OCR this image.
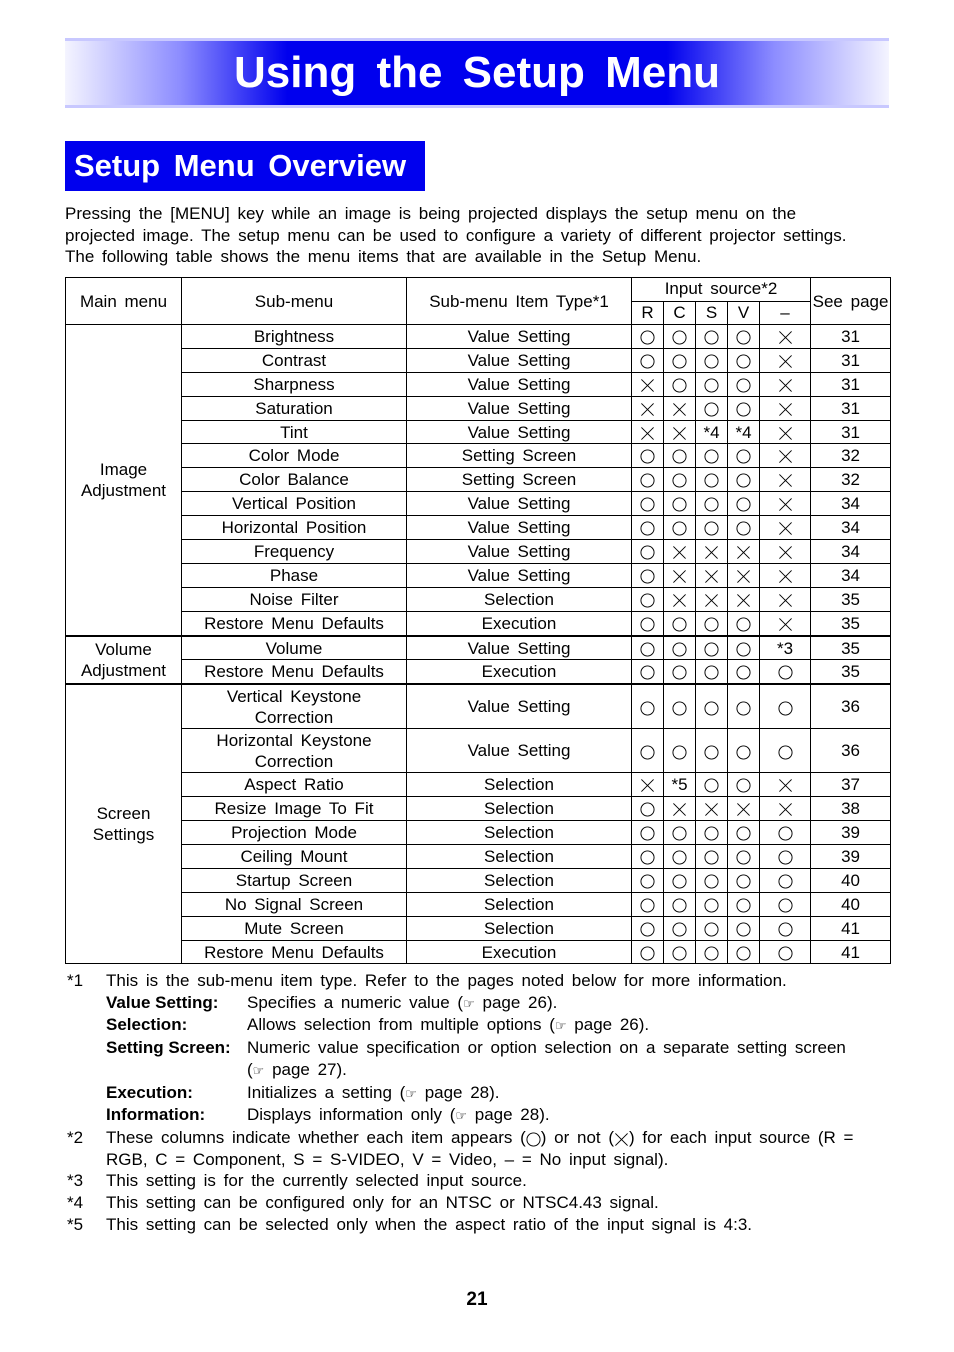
Using the Setup Menu
Setup Menu Overview

Pressing the [MENU] key while an image is being projected displays the setup menu on the projected image. The setup menu can be used to configure a variety of different projector settings. The following table shows the menu items that are available in the Setup Menu.

Main menu	Sub-menu	Sub-menu Item Type*1	Input source*2					See page
			R	C	S	V	–	
Image Adjustment	Brightness	Value Setting						31
	Contrast	Value Setting						31
	Sharpness	Value Setting						31
	Saturation	Value Setting						31
	Tint	Value Setting			*4	*4		31
	Color Mode	Setting Screen						32
	Color Balance	Setting Screen						32
	Vertical Position	Value Setting						34
	Horizontal Position	Value Setting						34
	Frequency	Value Setting						34
	Phase	Value Setting						34
	Noise Filter	Selection						35
	Restore Menu Defaults	Execution						35
Volume Adjustment	Volume	Value Setting					*3	35
	Restore Menu Defaults	Execution						35
Screen Settings	Vertical Keystone Correction	Value Setting						36
	Horizontal Keystone Correction	Value Setting						36
	Aspect Ratio	Selection		*5				37
	Resize Image To Fit	Selection						38
	Projection Mode	Selection						39
	Ceiling Mount	Selection						39
	Startup Screen	Selection						40
	No Signal Screen	Selection						40
	Mute Screen	Selection						41
	Restore Menu Defaults	Execution						41
*1	This is the sub-menu item type. Refer to the pages noted below for more information.
Value Setting:	Specifies a numeric value (☞ page 26).
Selection:	Allows selection from multiple options (☞ page 26).
Setting Screen: Numeric value specification or option selection on a separate setting screen (☞ page 27).
Execution:	Initializes a setting (☞ page 28).
Information:	Displays information only (☞ page 28).
*2	These columns indicate whether each item appears ( ) or not ( ) for each input source (R = RGB, C = Component, S = S-VIDEO, V = Video, – = No input signal).
*3	This setting is for the currently selected input source.
*4	This setting can be configured only for an NTSC or NTSC4.43 signal.
*5	This setting can be selected only when the aspect ratio of the input signal is 4:3.
21
